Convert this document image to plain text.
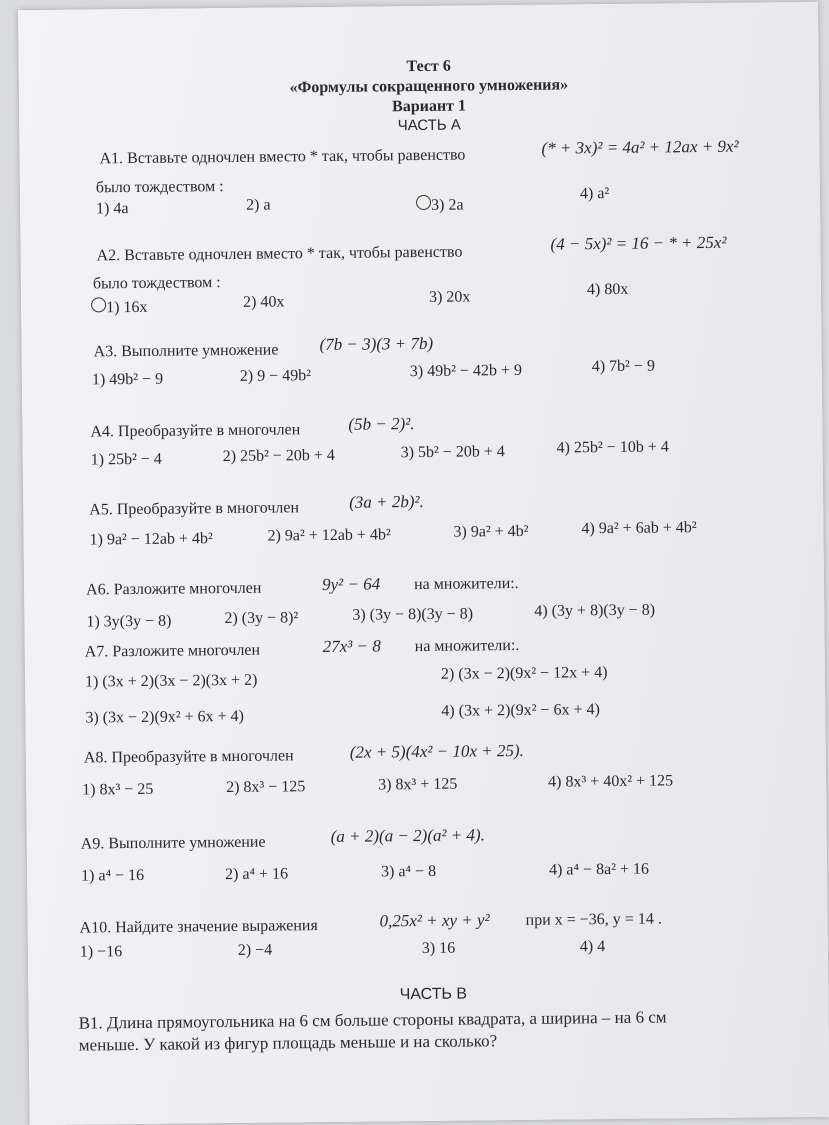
Тест 6
«Формулы сокращенного умножения»
Вариант 1
ЧАСТЬ А
А1. Вставьте одночлен вместо * так, чтобы равенство	(* + 3x)² = 4a² + 12ax + 9x²
было тождеством :
1) 4a	2) a	3) 2a
4) a²
А2. Вставьте одночлен вместо * так, чтобы равенство
(4 − 5x)² = 16 − * + 25x²
было тождеством :
1) 16x	2) 40x	3) 20x	4) 80x
А3. Выполните умножение (7b − 3)(3 + 7b)
1) 49b² − 9	2) 9 − 49b²	3) 49b² − 42b + 9	4) 7b² − 9
А4. Преобразуйте в многочлен	(5b − 2)².
1) 25b² − 4	2) 25b² − 20b + 4	3) 5b² − 20b + 4	4) 25b² − 10b + 4
А5. Преобразуйте в многочлен	(3a + 2b)².
1) 9a² − 12ab + 4b²	2) 9a² + 12ab + 4b²	3) 9a² + 4b²	4) 9a² + 6ab + 4b²
А6. Разложите многочлен	9y² − 64 на множители:.
1) 3y(3y − 8)	2) (3y − 8)²	3) (3y − 8)(3y − 8)	4) (3y + 8)(3y − 8)
А7. Разложите многочлен	27x³ − 8 на множители:.
1) (3x + 2)(3x − 2)(3x + 2)	2) (3x − 2)(9x² − 12x + 4)
3) (3x − 2)(9x² + 6x + 4)	4) (3x + 2)(9x² − 6x + 4)
А8. Преобразуйте в многочлен	(2x + 5)(4x² − 10x + 25).
1) 8x³ − 25	2) 8x³ − 125	3) 8x³ + 125	4) 8x³ + 40x² + 125
А9. Выполните умножение	(a + 2)(a − 2)(a² + 4).
1) a⁴ − 16	2) a⁴ + 16	3) a⁴ − 8	4) a⁴ − 8a² + 16
А10. Найдите значение выражения	0,25x² + xy + y² при x = −36, y = 14 .
1) −16	2) −4	3) 16	4) 4
ЧАСТЬ В
В1. Длина прямоугольника на 6 см больше стороны квадрата, а ширина – на 6 см
меньше. У какой из фигур площадь меньше и на сколько?
